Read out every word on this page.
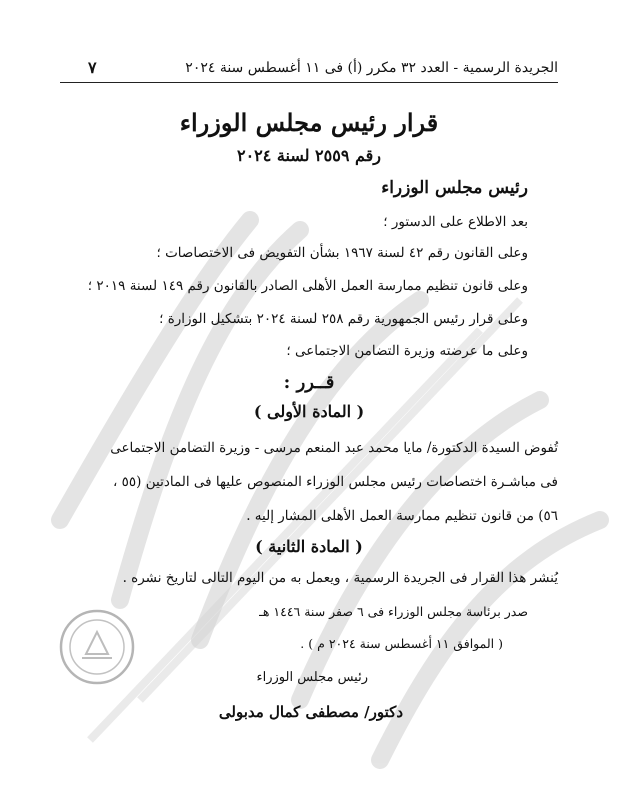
الجريدة الرسمية - العدد ٣٢ مكرر (أ) فى ١١ أغسطس سنة ٢٠٢٤
٧
قرار رئيس مجلس الوزراء
رقم ٢٥٥٩ لسنة ٢٠٢٤
رئيس مجلس الوزراء
بعد الاطلاع على الدستور ؛
وعلى القانون رقم ٤٢ لسنة ١٩٦٧ بشأن التفويض فى الاختصاصات ؛
وعلى قانون تنظيم ممارسة العمل الأهلى الصادر بالقانون رقم ١٤٩ لسنة ٢٠١٩ ؛
وعلى قرار رئيس الجمهورية رقم ٢٥٨ لسنة ٢٠٢٤ بتشكيل الوزارة ؛
وعلى ما عرضته وزيرة التضامن الاجتماعى ؛
قــرر :
( المادة الأولى )
تُفوض السيدة الدكتورة/ مايا محمد عبد المنعم مرسى - وزيرة التضامن الاجتماعى
فى مباشـرة اختصاصات رئيس مجلس الوزراء المنصوص عليها فى المادتين (٥٥ ،
٥٦) من قانون تنظيم ممارسة العمل الأهلى المشار إليه .
( المادة الثانية )
يُنشر هذا القرار فى الجريدة الرسمية ، ويعمل به من اليوم التالى لتاريخ نشره .
صدر برئاسة مجلس الوزراء فى ٦ صفر سنة ١٤٤٦ هـ
( الموافق ١١ أغسطس سنة ٢٠٢٤ م ) .
رئيس مجلس الوزراء
دكتور/ مصطفى كمال مدبولى
